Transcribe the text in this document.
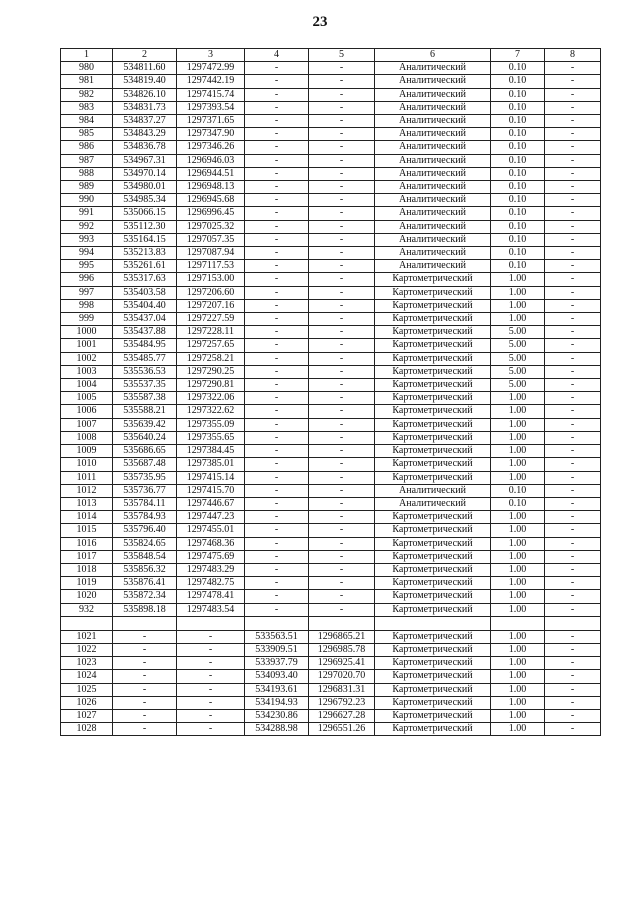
23
1	2	3	4	5	6	7	8
980	534811.60	1297472.99	-	-	Аналитический	0.10	-
981	534819.40	1297442.19	-	-	Аналитический	0.10	-
982	534826.10	1297415.74	-	-	Аналитический	0.10	-
983	534831.73	1297393.54	-	-	Аналитический	0.10	-
984	534837.27	1297371.65	-	-	Аналитический	0.10	-
985	534843.29	1297347.90	-	-	Аналитический	0.10	-
986	534836.78	1297346.26	-	-	Аналитический	0.10	-
987	534967.31	1296946.03	-	-	Аналитический	0.10	-
988	534970.14	1296944.51	-	-	Аналитический	0.10	-
989	534980.01	1296948.13	-	-	Аналитический	0.10	-
990	534985.34	1296945.68	-	-	Аналитический	0.10	-
991	535066.15	1296996.45	-	-	Аналитический	0.10	-
992	535112.30	1297025.32	-	-	Аналитический	0.10	-
993	535164.15	1297057.35	-	-	Аналитический	0.10	-
994	535213.83	1297087.94	-	-	Аналитический	0.10	-
995	535261.61	1297117.53	-	-	Аналитический	0.10	-
996	535317.63	1297153.00	-	-	Картометрический	1.00	-
997	535403.58	1297206.60	-	-	Картометрический	1.00	-
998	535404.40	1297207.16	-	-	Картометрический	1.00	-
999	535437.04	1297227.59	-	-	Картометрический	1.00	-
1000	535437.88	1297228.11	-	-	Картометрический	5.00	-
1001	535484.95	1297257.65	-	-	Картометрический	5.00	-
1002	535485.77	1297258.21	-	-	Картометрический	5.00	-
1003	535536.53	1297290.25	-	-	Картометрический	5.00	-
1004	535537.35	1297290.81	-	-	Картометрический	5.00	-
1005	535587.38	1297322.06	-	-	Картометрический	1.00	-
1006	535588.21	1297322.62	-	-	Картометрический	1.00	-
1007	535639.42	1297355.09	-	-	Картометрический	1.00	-
1008	535640.24	1297355.65	-	-	Картометрический	1.00	-
1009	535686.65	1297384.45	-	-	Картометрический	1.00	-
1010	535687.48	1297385.01	-	-	Картометрический	1.00	-
1011	535735.95	1297415.14	-	-	Картометрический	1.00	-
1012	535736.77	1297415.70	-	-	Аналитический	0.10	-
1013	535784.11	1297446.67	-	-	Аналитический	0.10	-
1014	535784.93	1297447.23	-	-	Картометрический	1.00	-
1015	535796.40	1297455.01	-	-	Картометрический	1.00	-
1016	535824.65	1297468.36	-	-	Картометрический	1.00	-
1017	535848.54	1297475.69	-	-	Картометрический	1.00	-
1018	535856.32	1297483.29	-	-	Картометрический	1.00	-
1019	535876.41	1297482.75	-	-	Картометрический	1.00	-
1020	535872.34	1297478.41	-	-	Картометрический	1.00	-
932	535898.18	1297483.54	-	-	Картометрический	1.00	-

1021	-	-	533563.51	1296865.21	Картометрический	1.00	-
1022	-	-	533909.51	1296985.78	Картометрический	1.00	-
1023	-	-	533937.79	1296925.41	Картометрический	1.00	-
1024	-	-	534093.40	1297020.70	Картометрический	1.00	-
1025	-	-	534193.61	1296831.31	Картометрический	1.00	-
1026	-	-	534194.93	1296792.23	Картометрический	1.00	-
1027	-	-	534230.86	1296627.28	Картометрический	1.00	-
1028	-	-	534288.98	1296551.26	Картометрический	1.00	-
